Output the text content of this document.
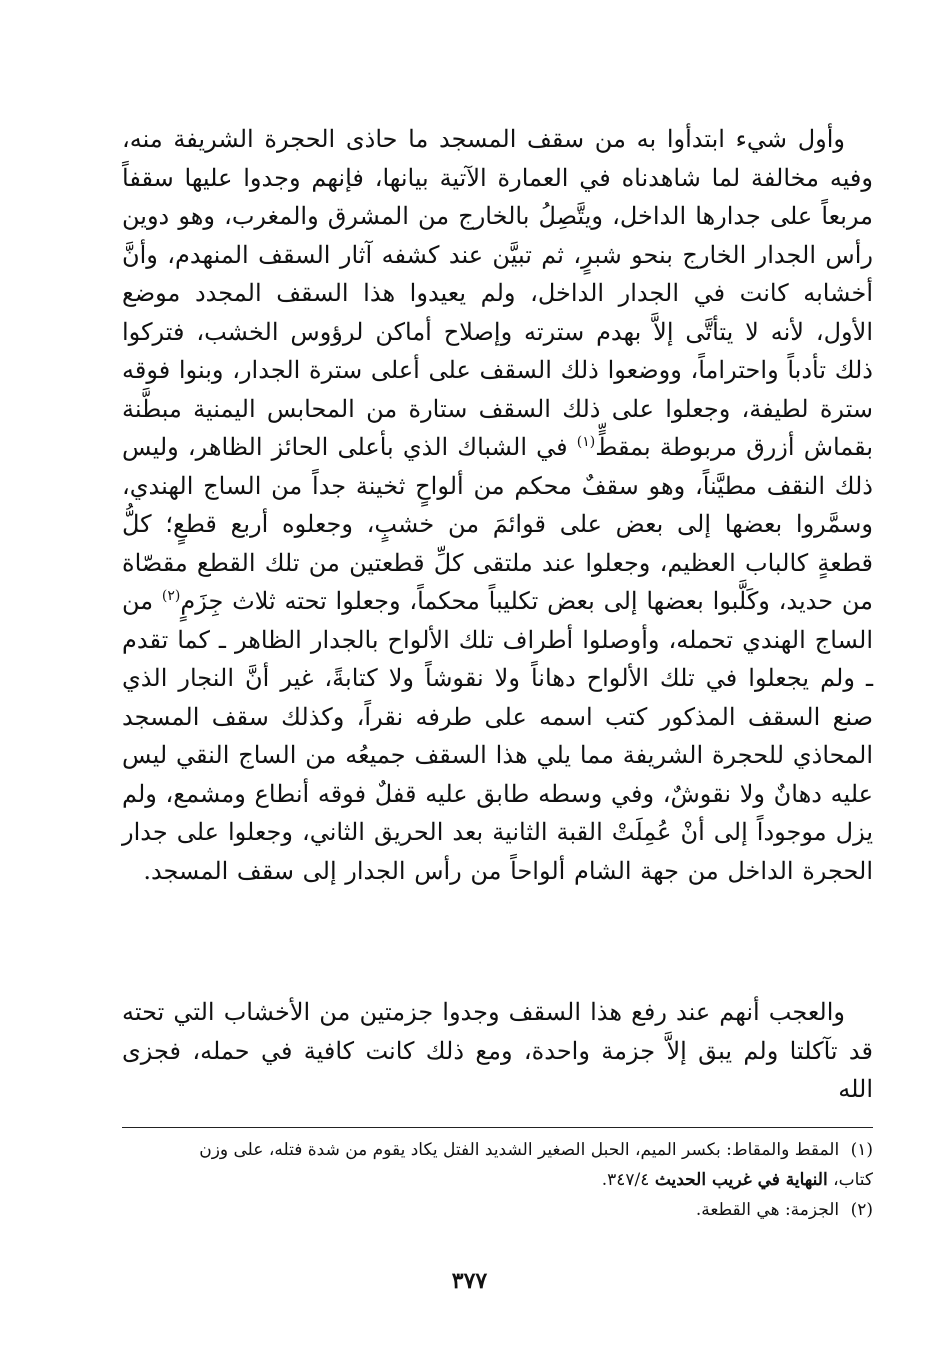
وأول شيء ابتدأوا به من سقف المسجد ما حاذى الحجرة الشريفة منه، وفيه مخالفة لما شاهدناه في العمارة الآتية بيانها، فإنهم وجدوا عليها سقفاً مربعاً على جدارها الداخل، ويتَّصِلُ بالخارج من المشرق والمغرب، وهو دوين رأس الجدار الخارج بنحو شبرٍ، ثم تبيَّن عند كشفه آثار السقف المنهدم، وأنَّ أخشابه كانت في الجدار الداخل، ولم يعيدوا هذا السقف المجدد موضع الأول، لأنه لا يتأتَّى إلاَّ بهدم سترته وإصلاح أماكن لرؤوس الخشب، فتركوا ذلك تأدباً واحتراماً، ووضعوا ذلك السقف على أعلى سترة الجدار، وبنوا فوقه سترة لطيفة، وجعلوا على ذلك السقف ستارة من المحابس اليمنية مبطَّنة بقماش أزرق مربوطة بمقطٍّ$^{(١)}$ في الشباك الذي بأعلى الحائز الظاهر، وليس ذلك النقف مطيَّناً، وهو سقفٌ محكم من ألواحٍ ثخينة جداً من الساج الهندي، وسمَّروا بعضها إلى بعض على قوائمَ من خشبٍ، وجعلوه أربع قطعٍ؛ كلُّ قطعةٍ كالباب العظيم، وجعلوا عند ملتقى كلِّ قطعتين من تلك القطع مقصّاة من حديد، وكَلَّبوا بعضها إلى بعض تكليباً محكماً، وجعلوا تحته ثلاث جِزَمٍ$^{(٢)}$ من الساج الهندي تحمله، وأوصلوا أطراف تلك الألواح بالجدار الظاهر ـ كما تقدم ـ ولم يجعلوا في تلك الألواح دهاناً ولا نقوشاً ولا كتابةً، غير أنَّ النجار الذي صنع السقف المذكور كتب اسمه على طرفه نقراً، وكذلك سقف المسجد المحاذي للحجرة الشريفة مما يلي هذا السقف جميعُه من الساج النقي ليس عليه دهانٌ ولا نقوشٌ، وفي وسطه طابق عليه قفلٌ فوقه أنطاع ومشمع، ولم يزل موجوداً إلى أنْ عُمِلَتْ القبة الثانية بعد الحريق الثاني، وجعلوا على جدار الحجرة الداخل من جهة الشام ألواحاً من رأس الجدار إلى سقف المسجد.
والعجب أنهم عند رفع هذا السقف وجدوا جزمتين من الأخشاب التي تحته قد تآكلتا ولم يبق إلاَّ جزمة واحدة، ومع ذلك كانت كافية في حمله، فجزى الله

(١) المقط والمقاط: بكسر الميم، الحبل الصغير الشديد الفتل يكاد يقوم من شدة فتله، على وزن
كتاب، النهاية في غريب الحديث ٣٤٧/٤.

(٢) الجزمة: هي القطعة.

٣٧٧
